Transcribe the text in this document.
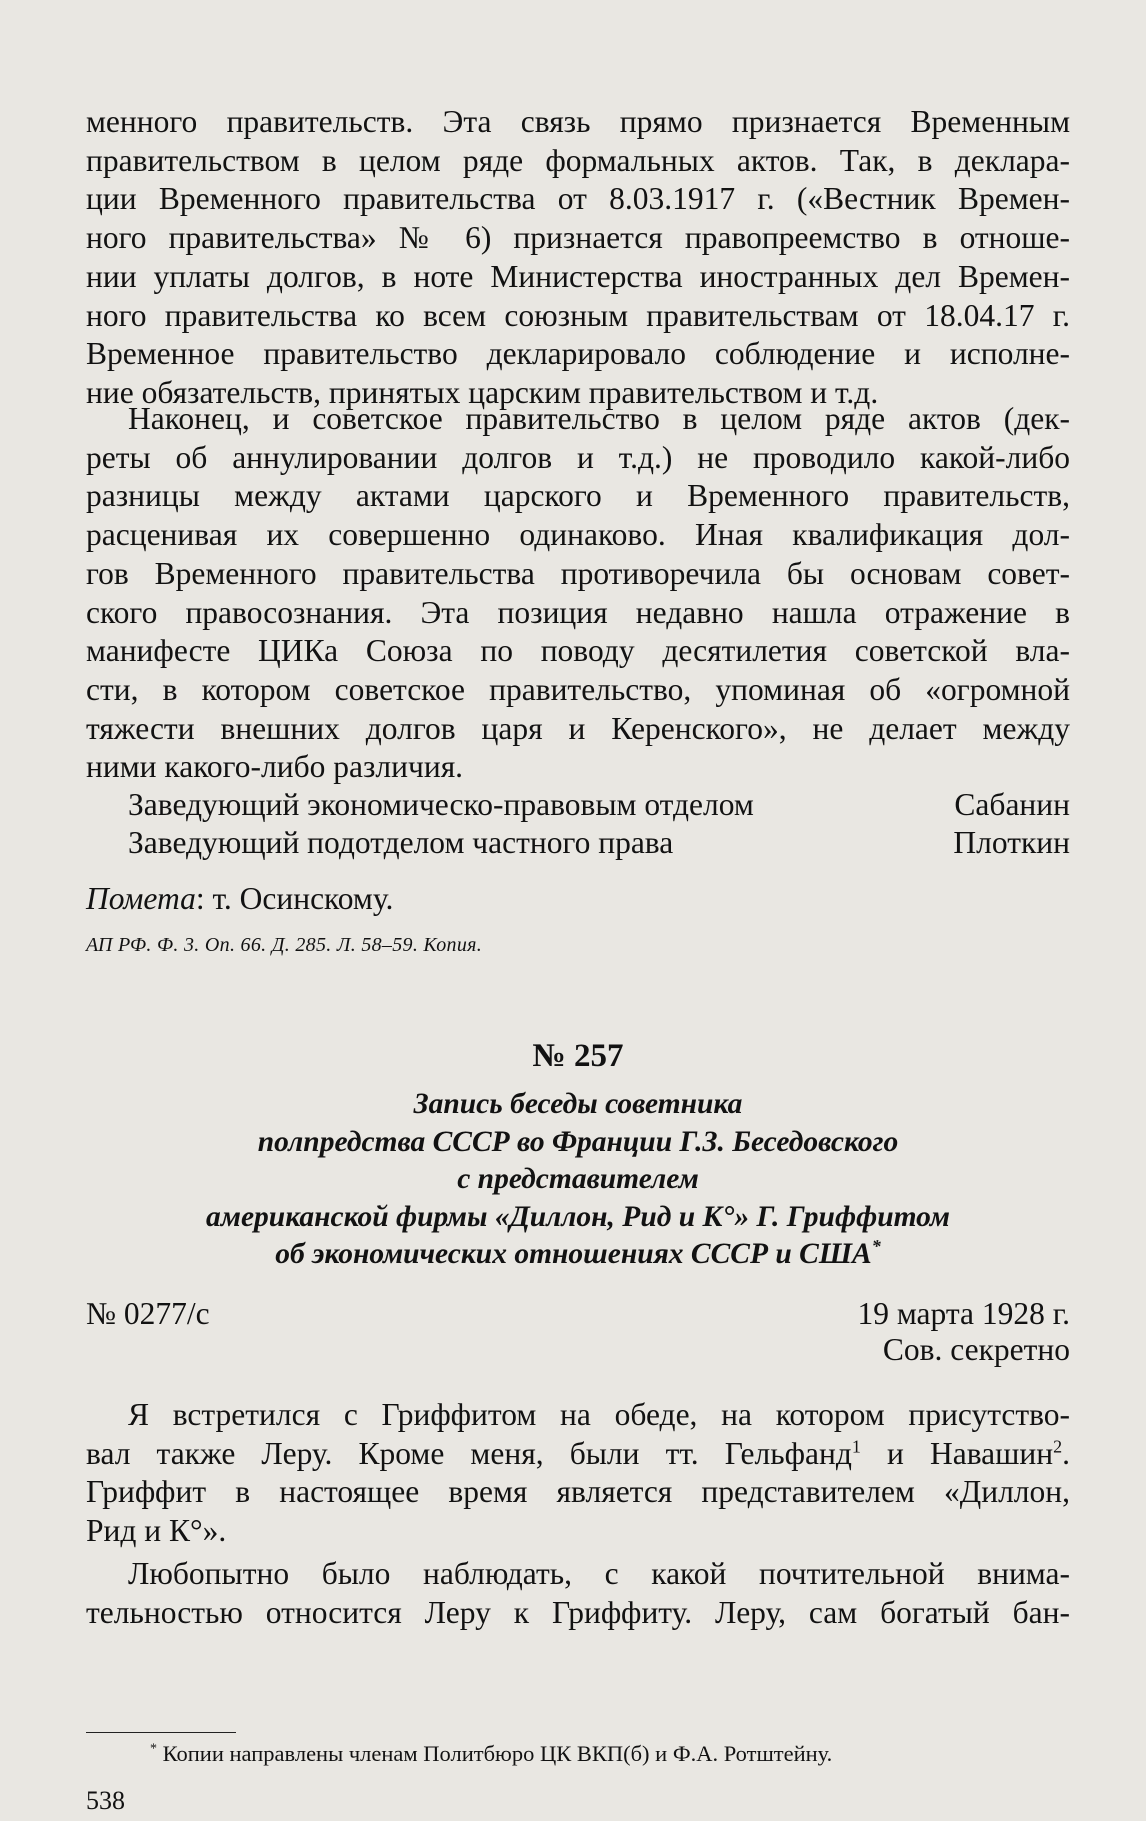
менного правительств. Эта связь прямо признается Временным

правительством в целом ряде формальных актов. Так, в деклара-

ции Временного правительства от 8.03.1917 г. («Вестник Времен-

ного правительства» № 6) признается правопреемство в отноше-

нии уплаты долгов, в ноте Министерства иностранных дел Времен-

ного правительства ко всем союзным правительствам от 18.04.17 г.

Временное правительство декларировало соблюдение и исполне-

ние обязательств, принятых царским правительством и т.д.

Наконец, и советское правительство в целом ряде актов (дек-

реты об аннулировании долгов и т.д.) не проводило какой-либо

разницы между актами царского и Временного правительств,

расценивая их совершенно одинаково. Иная квалификация дол-

гов Временного правительства противоречила бы основам совет-

ского правосознания. Эта позиция недавно нашла отражение в

манифесте ЦИКа Союза по поводу десятилетия советской вла-

сти, в котором советское правительство, упоминая об «огромной

тяжести внешних долгов царя и Керенского», не делает между

ними какого-либо различия.

Заведующий экономическо-правовым отделом	Сабанин
Заведующий подотделом частного права	Плоткин
Помета: т. Осинскому.
АП РФ. Ф. 3. Оп. 66. Д. 285. Л. 58–59. Копия.
№ 257
Запись беседы советника
полпредства СССР во Франции Г.З. Беседовского
с представителем
американской фирмы «Диллон, Рид и К°» Г. Гриффитом
об экономических отношениях СССР и США*
№ 0277/с	19 марта 1928 г.
Сов. секретно

Я встретился с Гриффитом на обеде, на котором присутство-

вал также Леру. Кроме меня, были тт. Гельфанд$^1$ и Навашин$^2$.

Гриффит в настоящее время является представителем «Диллон,

Рид и К°».

Любопытно было наблюдать, с какой почтительной внима-

тельностью относится Леру к Гриффиту. Леру, сам богатый бан-

* Копии направлены членам Политбюро ЦК ВКП(б) и Ф.А. Ротштейну.
538
